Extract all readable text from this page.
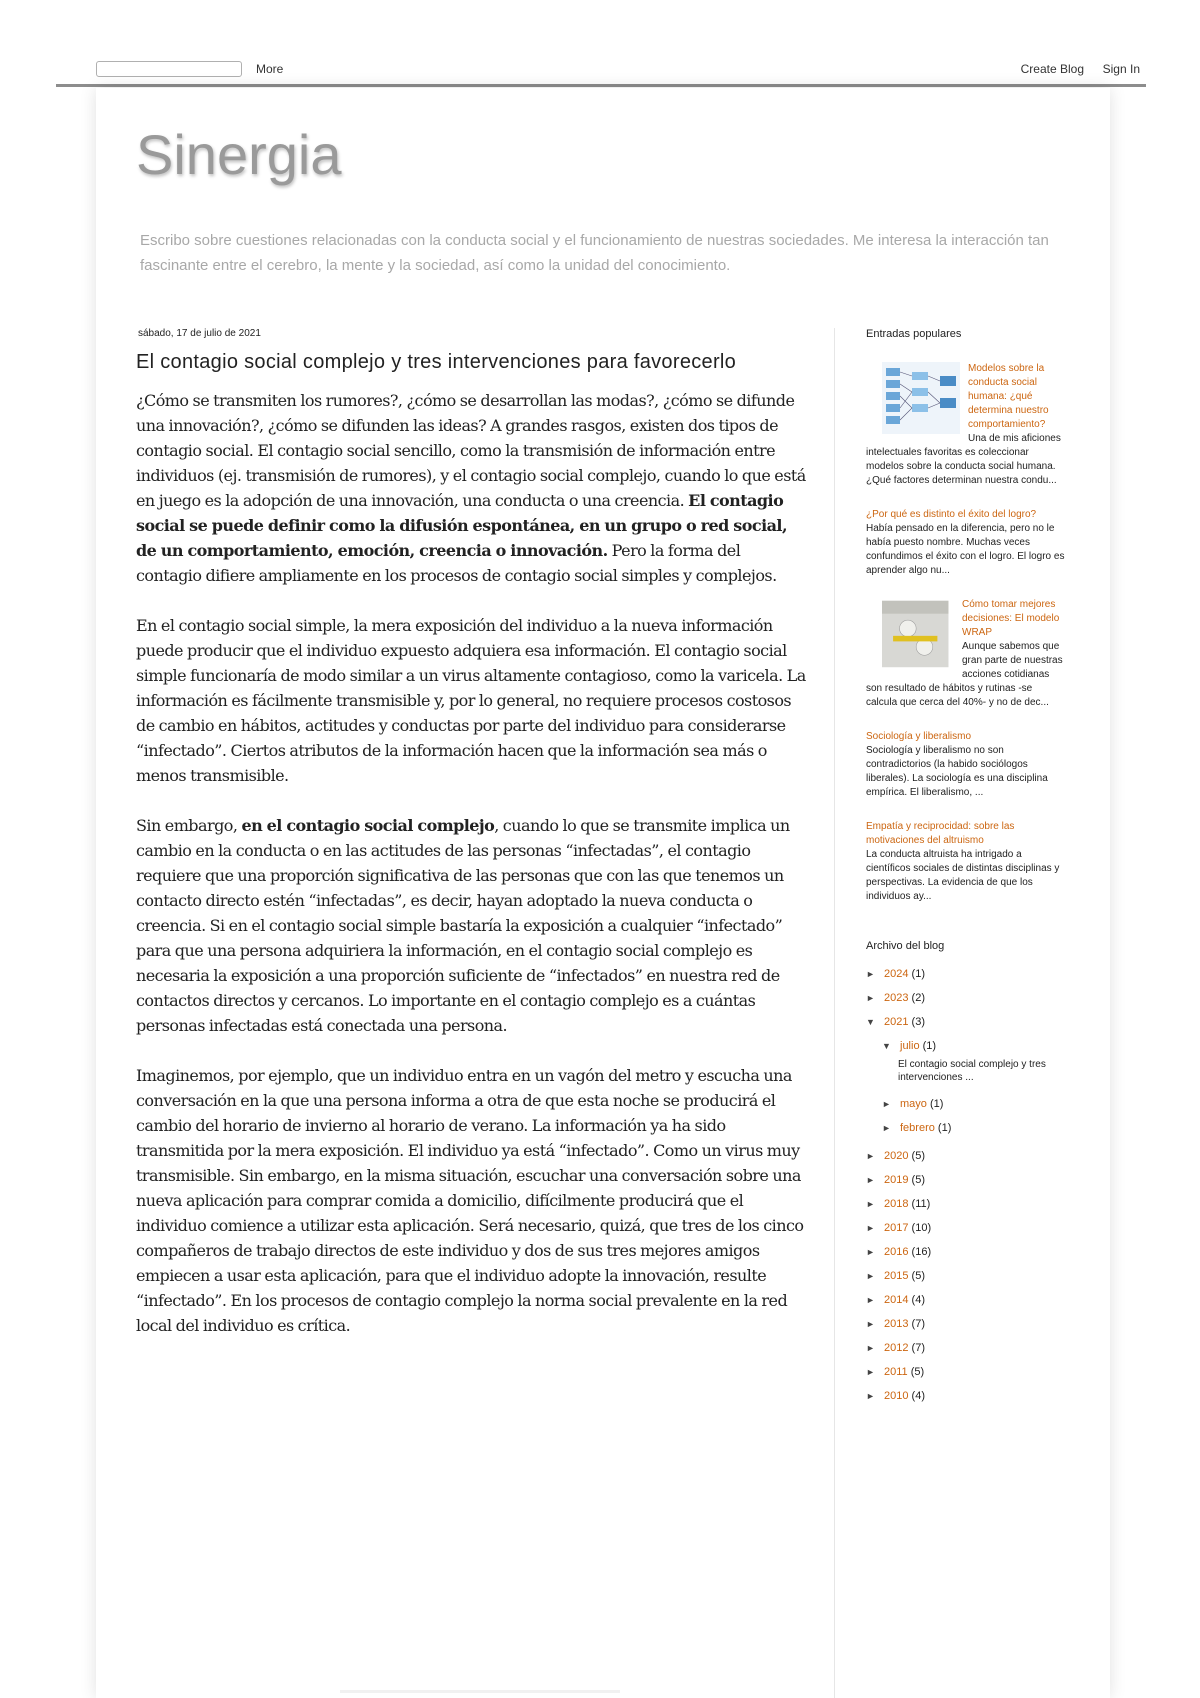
More	Create Blog Sign In
Sinergia
Escribo sobre cuestiones relacionadas con la conducta social y el funcionamiento de nuestras sociedades. Me interesa la interacción tan fascinante entre el cerebro, la mente y la sociedad, así como la unidad del conocimiento.
sábado, 17 de julio de 2021
El contagio social complejo y tres intervenciones para favorecerlo

¿Cómo se transmiten los rumores?, ¿cómo se desarrollan las modas?, ¿cómo se difunde una innovación?, ¿cómo se difunden las ideas? A grandes rasgos, existen dos tipos de contagio social. El contagio social sencillo, como la transmisión de información entre individuos (ej. transmisión de rumores), y el contagio social complejo, cuando lo que está en juego es la adopción de una innovación, una conducta o una creencia. El contagio social se puede definir como la difusión espontánea, en un grupo o red social, de un comportamiento, emoción, creencia o innovación. Pero la forma del contagio difiere ampliamente en los procesos de contagio social simples y complejos.

En el contagio social simple, la mera exposición del individuo a la nueva información puede producir que el individuo expuesto adquiera esa información. El contagio social simple funcionaría de modo similar a un virus altamente contagioso, como la varicela. La información es fácilmente transmisible y, por lo general, no requiere procesos costosos de cambio en hábitos, actitudes y conductas por parte del individuo para considerarse “infectado”. Ciertos atributos de la información hacen que la información sea más o menos transmisible.

Sin embargo, en el contagio social complejo, cuando lo que se transmite implica un cambio en la conducta o en las actitudes de las personas “infectadas”, el contagio requiere que una proporción significativa de las personas que con las que tenemos un contacto directo estén “infectadas”, es decir, hayan adoptado la nueva conducta o creencia. Si en el contagio social simple bastaría la exposición a cualquier “infectado” para que una persona adquiriera la información, en el contagio social complejo es necesaria la exposición a una proporción suficiente de “infectados” en nuestra red de contactos directos y cercanos. Lo importante en el contagio complejo es a cuántas personas infectadas está conectada una persona.

Imaginemos, por ejemplo, que un individuo entra en un vagón del metro y escucha una conversación en la que una persona informa a otra de que esta noche se producirá el cambio del horario de invierno al horario de verano. La información ya ha sido transmitida por la mera exposición. El individuo ya está “infectado”. Como un virus muy transmisible. Sin embargo, en la misma situación, escuchar una conversación sobre una nueva aplicación para comprar comida a domicilio, difícilmente producirá que el individuo comience a utilizar esta aplicación. Será necesario, quizá, que tres de los cinco compañeros de trabajo directos de este individuo y dos de sus tres mejores amigos empiecen a usar esta aplicación, para que el individuo adopte la innovación, resulte “infectado”. En los procesos de contagio complejo la norma social prevalente en la red local del individuo es crítica.

Entradas populares
Modelos sobre la conducta social humana: ¿qué determina nuestro comportamiento?
Una de mis aficiones intelectuales favoritas es coleccionar modelos sobre la conducta social humana. ¿Qué factores determinan nuestra condu...
¿Por qué es distinto el éxito del logro?
Había pensado en la diferencia, pero no le había puesto nombre. Muchas veces confundimos el éxito con el logro. El logro es aprender algo nu...
Cómo tomar mejores decisiones: El modelo WRAP
Aunque sabemos que gran parte de nuestras acciones cotidianas son resultado de hábitos y rutinas -se calcula que cerca del 40%- y no de dec...
Sociología y liberalismo
Sociología y liberalismo no son contradictorios (la habido sociólogos liberales). La sociología es una disciplina empírica. El liberalismo, ...
Empatía y reciprocidad: sobre las motivaciones del altruismo
La conducta altruista ha intrigado a científicos sociales de distintas disciplinas y perspectivas. La evidencia de que los individuos ay...
Archivo del blog
► 2024 (1)
► 2023 (2)
▼ 2021 (3)
▼ julio (1)
El contagio social complejo y tres intervenciones ...
► mayo (1)
► febrero (1)
► 2020 (5)
► 2019 (5)
► 2018 (11)
► 2017 (10)
► 2016 (16)
► 2015 (5)
► 2014 (4)
► 2013 (7)
► 2012 (7)
► 2011 (5)
► 2010 (4)
